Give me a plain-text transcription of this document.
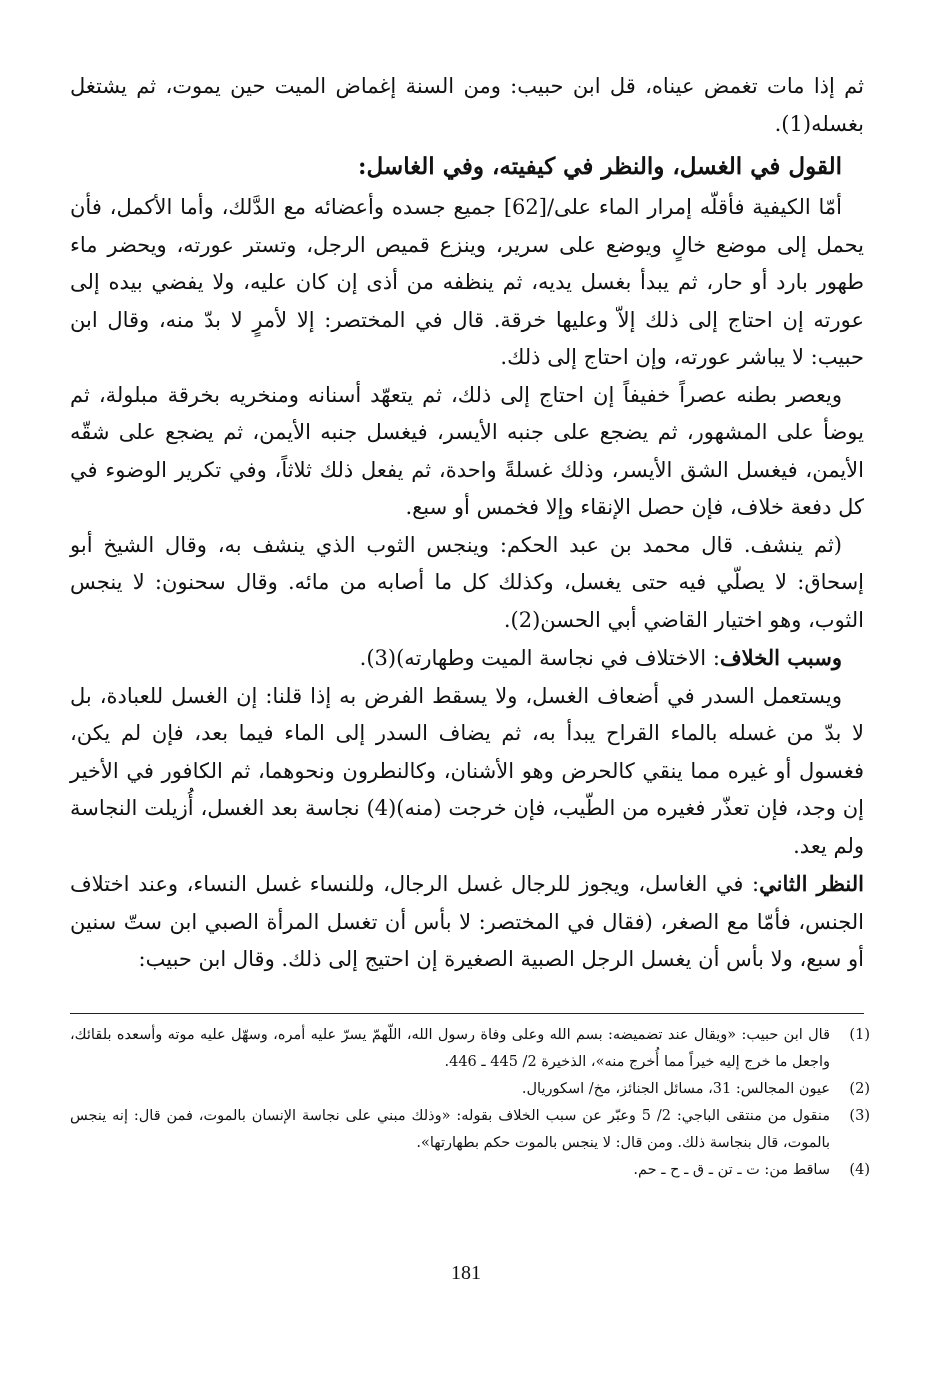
ثم إذا مات تغمض عيناه، قل ابن حبيب: ومن السنة إغماض الميت حين يموت، ثم يشتغل بغسله(1).

القول في الغسل، والنظر في كيفيته، وفي الغاسل:

أمّا الكيفية فأقلّه إمرار الماء على/[62] جميع جسده وأعضائه مع الدَّلك، وأما الأكمل، فأن يحمل إلى موضع خالٍ ويوضع على سرير، وينزع قميص الرجل، وتستر عورته، ويحضر ماء طهور بارد أو حار، ثم يبدأ بغسل يديه، ثم ينظفه من أذى إن كان عليه، ولا يفضي بيده إلى عورته إن احتاج إلى ذلك إلاّ وعليها خرقة. قال في المختصر: إلا لأمرٍ لا بدّ منه، وقال ابن حبيب: لا يباشر عورته، وإن احتاج إلى ذلك.

ويعصر بطنه عصراً خفيفاً إن احتاج إلى ذلك، ثم يتعهّد أسنانه ومنخريه بخرقة مبلولة، ثم يوضأ على المشهور، ثم يضجع على جنبه الأيسر، فيغسل جنبه الأيمن، ثم يضجع على شقّه الأيمن، فيغسل الشق الأيسر، وذلك غسلةً واحدة، ثم يفعل ذلك ثلاثاً، وفي تكرير الوضوء في كل دفعة خلاف، فإن حصل الإنقاء وإلا فخمس أو سبع.

(ثم ينشف. قال محمد بن عبد الحكم: وينجس الثوب الذي ينشف به، وقال الشيخ أبو إسحاق: لا يصلّي فيه حتى يغسل، وكذلك كل ما أصابه من مائه. وقال سحنون: لا ينجس الثوب، وهو اختيار القاضي أبي الحسن(2).

وسبب الخلاف: الاختلاف في نجاسة الميت وطهارته)(3).

ويستعمل السدر في أضعاف الغسل، ولا يسقط الفرض به إذا قلنا: إن الغسل للعبادة، بل لا بدّ من غسله بالماء القراح يبدأ به، ثم يضاف السدر إلى الماء فيما بعد، فإن لم يكن، فغسول أو غيره مما ينقي كالحرض وهو الأشنان، وكالنطرون ونحوهما، ثم الكافور في الأخير إن وجد، فإن تعذّر فغيره من الطّيب، فإن خرجت (منه)(4) نجاسة بعد الغسل، أُزيلت النجاسة ولم يعد.

النظر الثاني: في الغاسل، ويجوز للرجال غسل الرجال، وللنساء غسل النساء، وعند اختلاف الجنس، فأمّا مع الصغر، (فقال في المختصر: لا بأس أن تغسل المرأة الصبي ابن ستّ سنين أو سبع، ولا بأس أن يغسل الرجل الصبية الصغيرة إن احتيج إلى ذلك. وقال ابن حبيب:

(1)
قال ابن حبيب: «ويقال عند تضميضه: بسم الله وعلى وفاة رسول الله، اللّهمّ يسرّ عليه أمره، وسهّل عليه موته وأسعده بلقائك، واجعل ما خرج إليه خيراً مما أُخرج منه»، الذخيرة 2/ 445 ـ 446.
(2)
عيون المجالس: 31، مسائل الجنائز، مخ/ اسكوريال.
(3)
منقول من منتقى الباجي: 2/ 5 وعبّر عن سبب الخلاف بقوله: «وذلك مبني على نجاسة الإنسان بالموت، فمن قال: إنه ينجس بالموت، قال بنجاسة ذلك. ومن قال: لا ينجس بالموت حكم بطهارتها».
(4)
ساقط من: ت ـ تن ـ ق ـ ح ـ حم.
181
